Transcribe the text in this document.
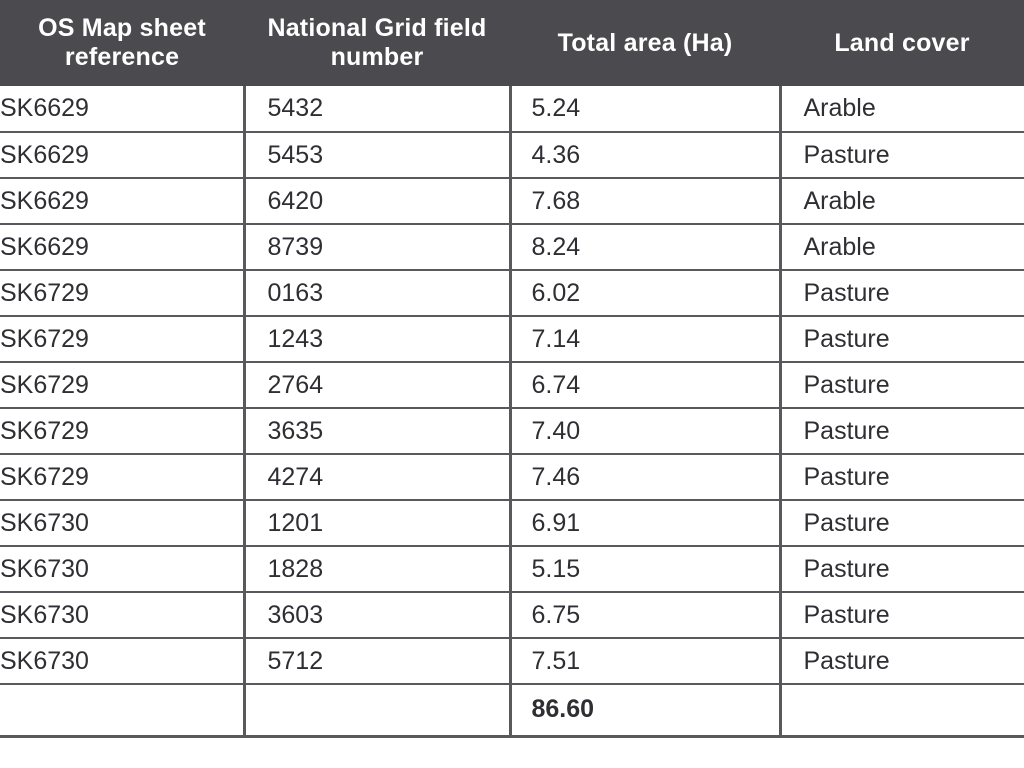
OS Map sheet reference	National Grid field number	Total area (Ha)	Land cover
SK6629	5432	5.24	Arable
SK6629	5453	4.36	Pasture
SK6629	6420	7.68	Arable
SK6629	8739	8.24	Arable
SK6729	0163	6.02	Pasture
SK6729	1243	7.14	Pasture
SK6729	2764	6.74	Pasture
SK6729	3635	7.40	Pasture
SK6729	4274	7.46	Pasture
SK6730	1201	6.91	Pasture
SK6730	1828	5.15	Pasture
SK6730	3603	6.75	Pasture
SK6730	5712	7.51	Pasture
		86.60	
